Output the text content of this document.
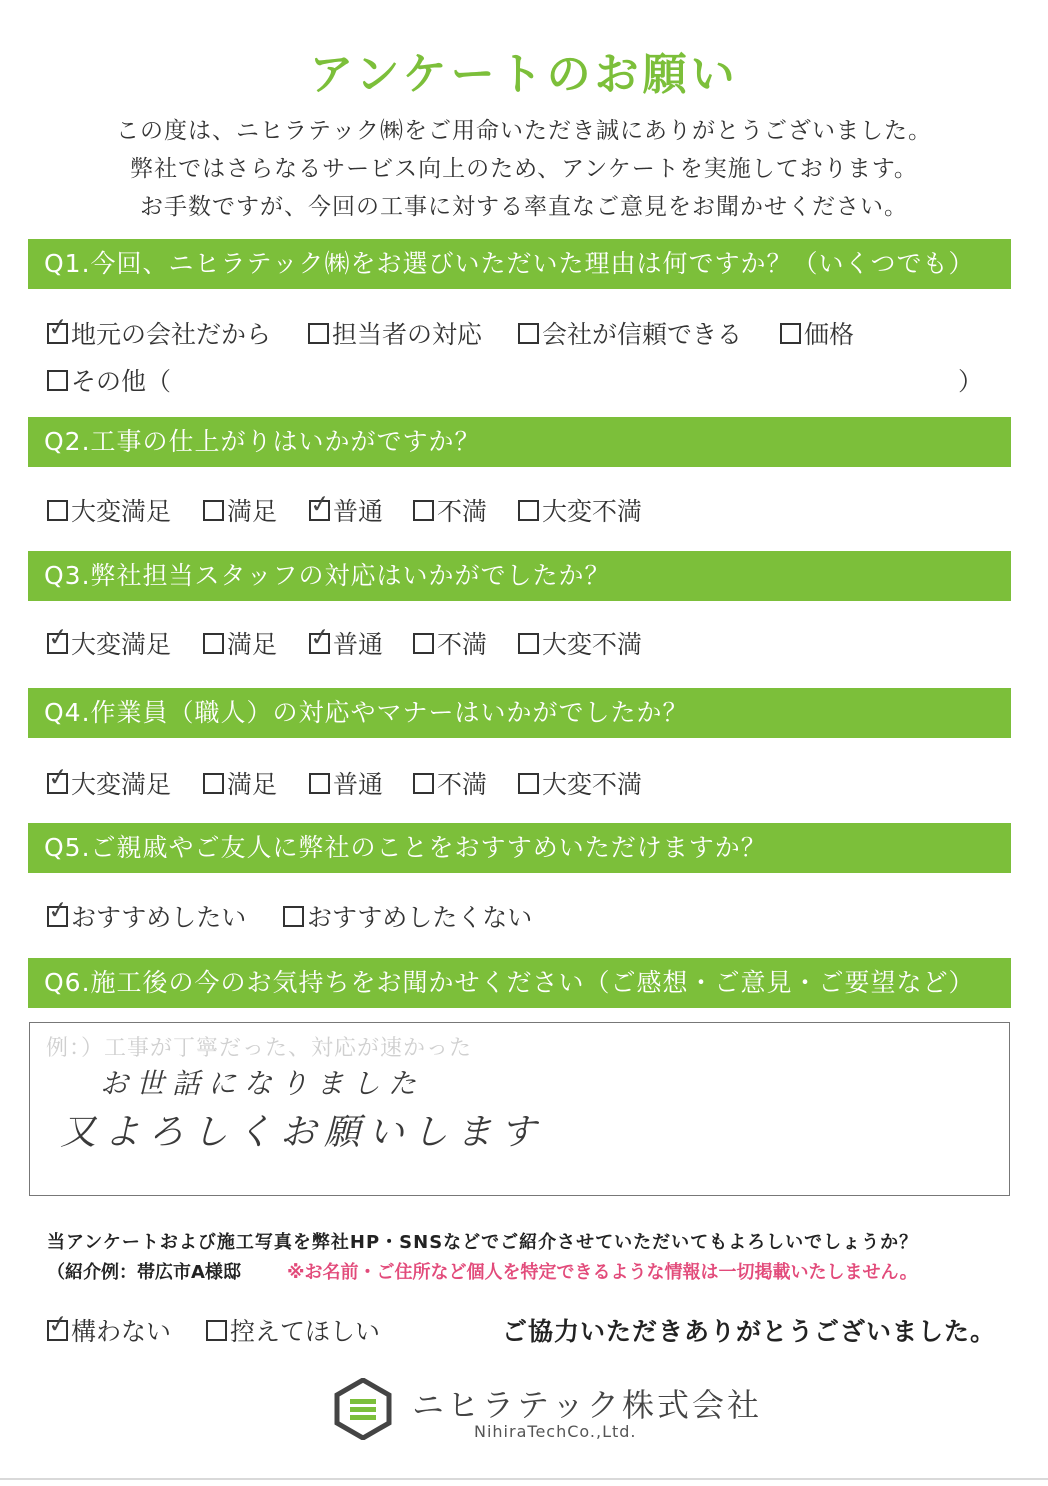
アンケートのお願い
この度は、ニヒラテック㈱をご用命いただき誠にありがとうございました。
弊社ではさらなるサービス向上のため、アンケートを実施しております。
お手数ですが、今回の工事に対する率直なご意見をお聞かせください。
Q1.今回、ニヒラテック㈱をお選びいただいた理由は何ですか？（いくつでも）
✓ 地元の会社だから	担当者の対応	会社が信頼できる	価格
その他（	）
Q2.工事の仕上がりはいかがですか？
大変満足	満足 ✓ 普通	不満	大変不満
Q3.弊社担当スタッフの対応はいかがでしたか？
✓ 大変満足	満足 ✓ 普通	不満	大変不満
Q4.作業員（職人）の対応やマナーはいかがでしたか？
✓ 大変満足	満足	普通	不満	大変不満
Q5.ご親戚やご友人に弊社のことをおすすめいただけますか？
✓ おすすめしたい	おすすめしたくない
Q6.施工後の今のお気持ちをお聞かせください（ご感想・ご意見・ご要望など）
例：）工事が丁寧だった、対応が速かった
お世話になりました
又よろしくお願いします
当アンケートおよび施工写真を弊社HP・SNSなどでご紹介させていただいてもよろしいでしょうか？
（紹介例：帯広市A様邸	※お名前・ご住所など個人を特定できるような情報は一切掲載いたしません。
✓ 構わない	控えてほしい	ご協力いただきありがとうございました。
ニヒラテック株式会社
NihiraTechCo.,Ltd.
